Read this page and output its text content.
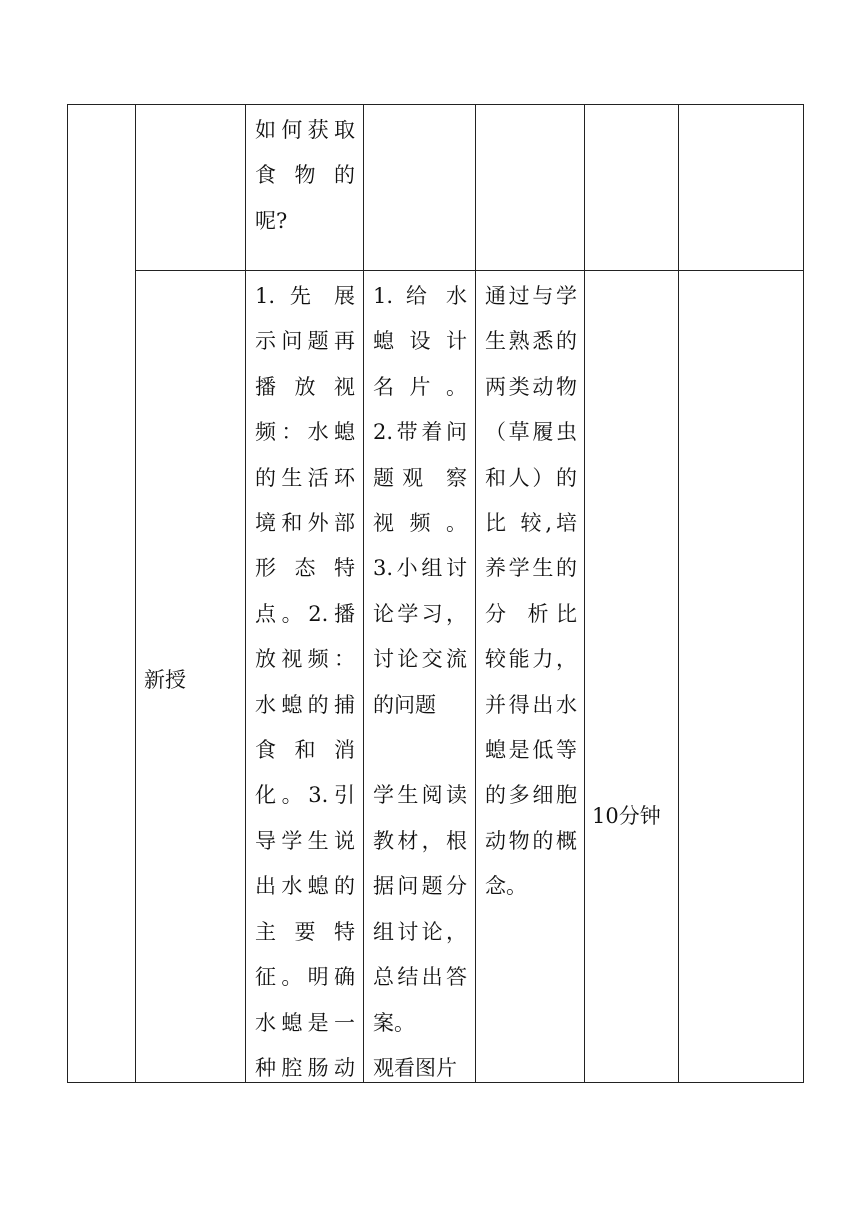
如何获取
食 物 的
呢?
新授
1. 先 展
示问题再
播 放 视
频：水螅
的生活环
境和外部
形 态 特
点。2.播
放视频：
水螅的捕
食 和 消
化。3.引
导学生说
出水螅的
主 要 特
征。明确
水螅是一
种腔肠动
1. 给 水
螅 设 计
名 片 。
2.带着问
题观 察
视 频 。
3.小组讨
论学习，
讨论交流
的问题

学生阅读
教材，根
据问题分
组讨论，
总结出答
案。
观看图片
通过与学
生熟悉的
两类动物
（草履虫
和人）的
比 较,培
养学生的
分 析比
较能力，
并得出水
螅是低等
的多细胞
动物的概
念。
10分钟
